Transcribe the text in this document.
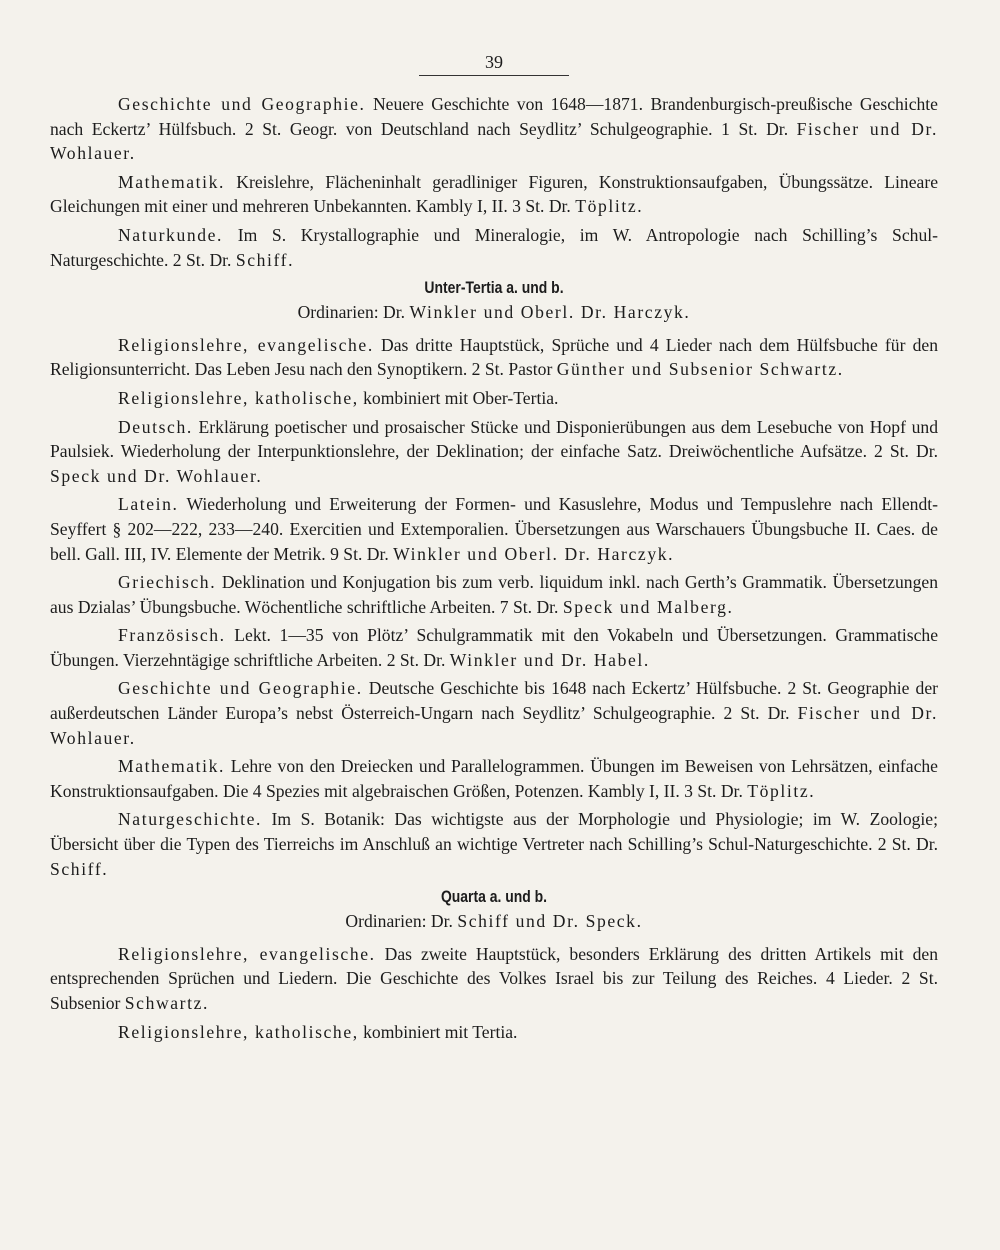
39

Geschichte und Geographie. Neuere Geschichte von 1648—1871. Brandenburgisch-preußische Geschichte nach Eckertz’ Hülfsbuch. 2 St. Geogr. von Deutschland nach Seydlitz’ Schulgeographie. 1 St. Dr. Fischer und Dr. Wohlauer.

Mathematik. Kreislehre, Flächeninhalt geradliniger Figuren, Konstruktionsaufgaben, Übungssätze. Lineare Gleichungen mit einer und mehreren Unbekannten. Kambly I, II. 3 St. Dr. Töplitz.

Naturkunde. Im S. Krystallographie und Mineralogie, im W. Antropologie nach Schilling’s Schul-Naturgeschichte. 2 St. Dr. Schiff.

Unter-Tertia a. und b.

Ordinarien: Dr. Winkler und Oberl. Dr. Harczyk.

Religionslehre, evangelische. Das dritte Hauptstück, Sprüche und 4 Lieder nach dem Hülfsbuche für den Religionsunterricht. Das Leben Jesu nach den Synoptikern. 2 St. Pastor Günther und Subsenior Schwartz.

Religionslehre, katholische, kombiniert mit Ober-Tertia.

Deutsch. Erklärung poetischer und prosaischer Stücke und Disponierübungen aus dem Lesebuche von Hopf und Paulsiek. Wiederholung der Interpunktionslehre, der Deklination; der einfache Satz. Dreiwöchentliche Aufsätze. 2 St. Dr. Speck und Dr. Wohlauer.

Latein. Wiederholung und Erweiterung der Formen- und Kasuslehre, Modus und Tempuslehre nach Ellendt-Seyffert § 202—222, 233—240. Exercitien und Extemporalien. Übersetzungen aus Warschauers Übungsbuche II. Caes. de bell. Gall. III, IV. Elemente der Metrik. 9 St. Dr. Winkler und Oberl. Dr. Harczyk.

Griechisch. Deklination und Konjugation bis zum verb. liquidum inkl. nach Gerth’s Grammatik. Übersetzungen aus Dzialas’ Übungsbuche. Wöchentliche schriftliche Arbeiten. 7 St. Dr. Speck und Malberg.

Französisch. Lekt. 1—35 von Plötz’ Schulgrammatik mit den Vokabeln und Übersetzungen. Grammatische Übungen. Vierzehntägige schriftliche Arbeiten. 2 St. Dr. Winkler und Dr. Habel.

Geschichte und Geographie. Deutsche Geschichte bis 1648 nach Eckertz’ Hülfsbuche. 2 St. Geographie der außerdeutschen Länder Europa’s nebst Österreich-Ungarn nach Seydlitz’ Schulgeographie. 2 St. Dr. Fischer und Dr. Wohlauer.

Mathematik. Lehre von den Dreiecken und Parallelogrammen. Übungen im Beweisen von Lehrsätzen, einfache Konstruktionsaufgaben. Die 4 Spezies mit algebraischen Größen, Potenzen. Kambly I, II. 3 St. Dr. Töplitz.

Naturgeschichte. Im S. Botanik: Das wichtigste aus der Morphologie und Physiologie; im W. Zoologie; Übersicht über die Typen des Tierreichs im Anschluß an wichtige Vertreter nach Schilling’s Schul-Naturgeschichte. 2 St. Dr. Schiff.

Quarta a. und b.

Ordinarien: Dr. Schiff und Dr. Speck.

Religionslehre, evangelische. Das zweite Hauptstück, besonders Erklärung des dritten Artikels mit den entsprechenden Sprüchen und Liedern. Die Geschichte des Volkes Israel bis zur Teilung des Reiches. 4 Lieder. 2 St. Subsenior Schwartz.

Religionslehre, katholische, kombiniert mit Tertia.
